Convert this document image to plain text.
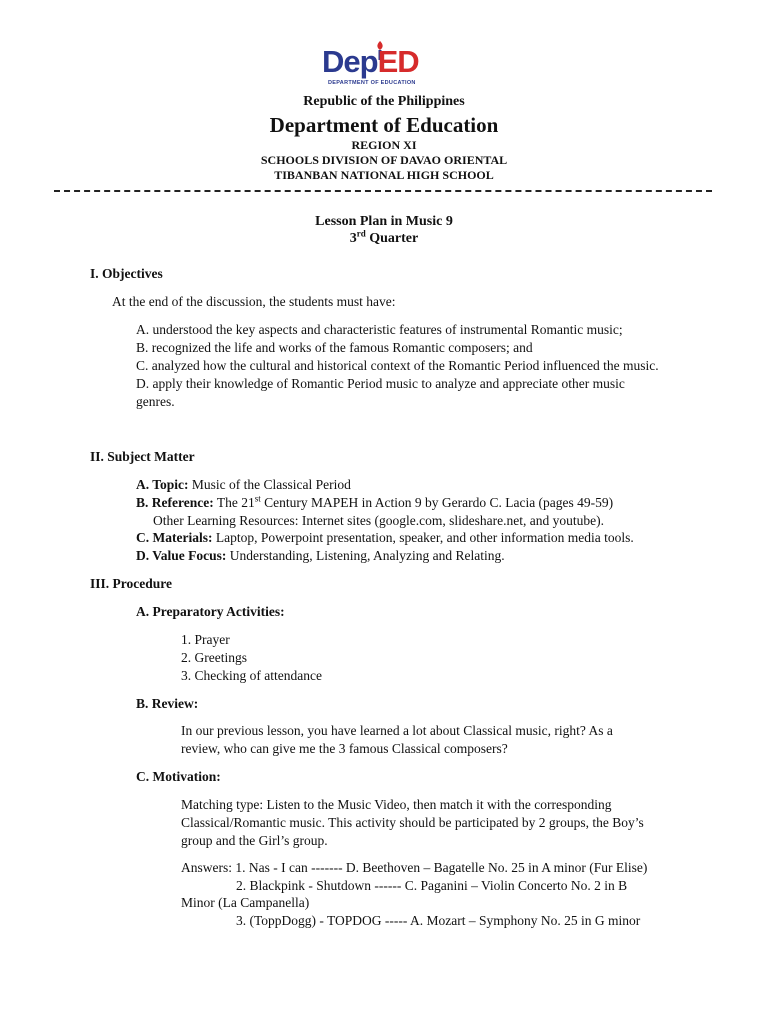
DepED
DEPARTMENT OF EDUCATION
Republic of the Philippines
Department of Education
REGION XI
SCHOOLS DIVISION OF DAVAO ORIENTAL
TIBANBAN NATIONAL HIGH SCHOOL
Lesson Plan in Music 9
3rd Quarter
I. Objectives
At the end of the discussion, the students must have:
A. understood the key aspects and characteristic features of instrumental Romantic music;
B. recognized the life and works of the famous Romantic composers; and
C. analyzed how the cultural and historical context of the Romantic Period influenced the music.
D. apply their knowledge of Romantic Period music to analyze and appreciate other music
genres.
II. Subject Matter
A. Topic: Music of the Classical Period
B. Reference: The 21st Century MAPEH in Action 9 by Gerardo C. Lacia (pages 49-59)
Other Learning Resources: Internet sites (google.com, slideshare.net, and youtube).
C. Materials: Laptop, Powerpoint presentation, speaker, and other information media tools.
D. Value Focus: Understanding, Listening, Analyzing and Relating.
III. Procedure
A. Preparatory Activities:
1. Prayer
2. Greetings
3. Checking of attendance
B. Review:
In our previous lesson, you have learned a lot about Classical music, right? As a
review, who can give me the 3 famous Classical composers?
C. Motivation:
Matching type: Listen to the Music Video, then match it with the corresponding
Classical/Romantic music. This activity should be participated by 2 groups, the Boy’s
group and the Girl’s group.
Answers: 1. Nas - I can ------- D. Beethoven – Bagatelle No. 25 in A minor (Fur Elise)
2. Blackpink - Shutdown ------ C. Paganini – Violin Concerto No. 2 in B
Minor (La Campanella)
3. (ToppDogg) - TOPDOG ----- A. Mozart – Symphony No. 25 in G minor
